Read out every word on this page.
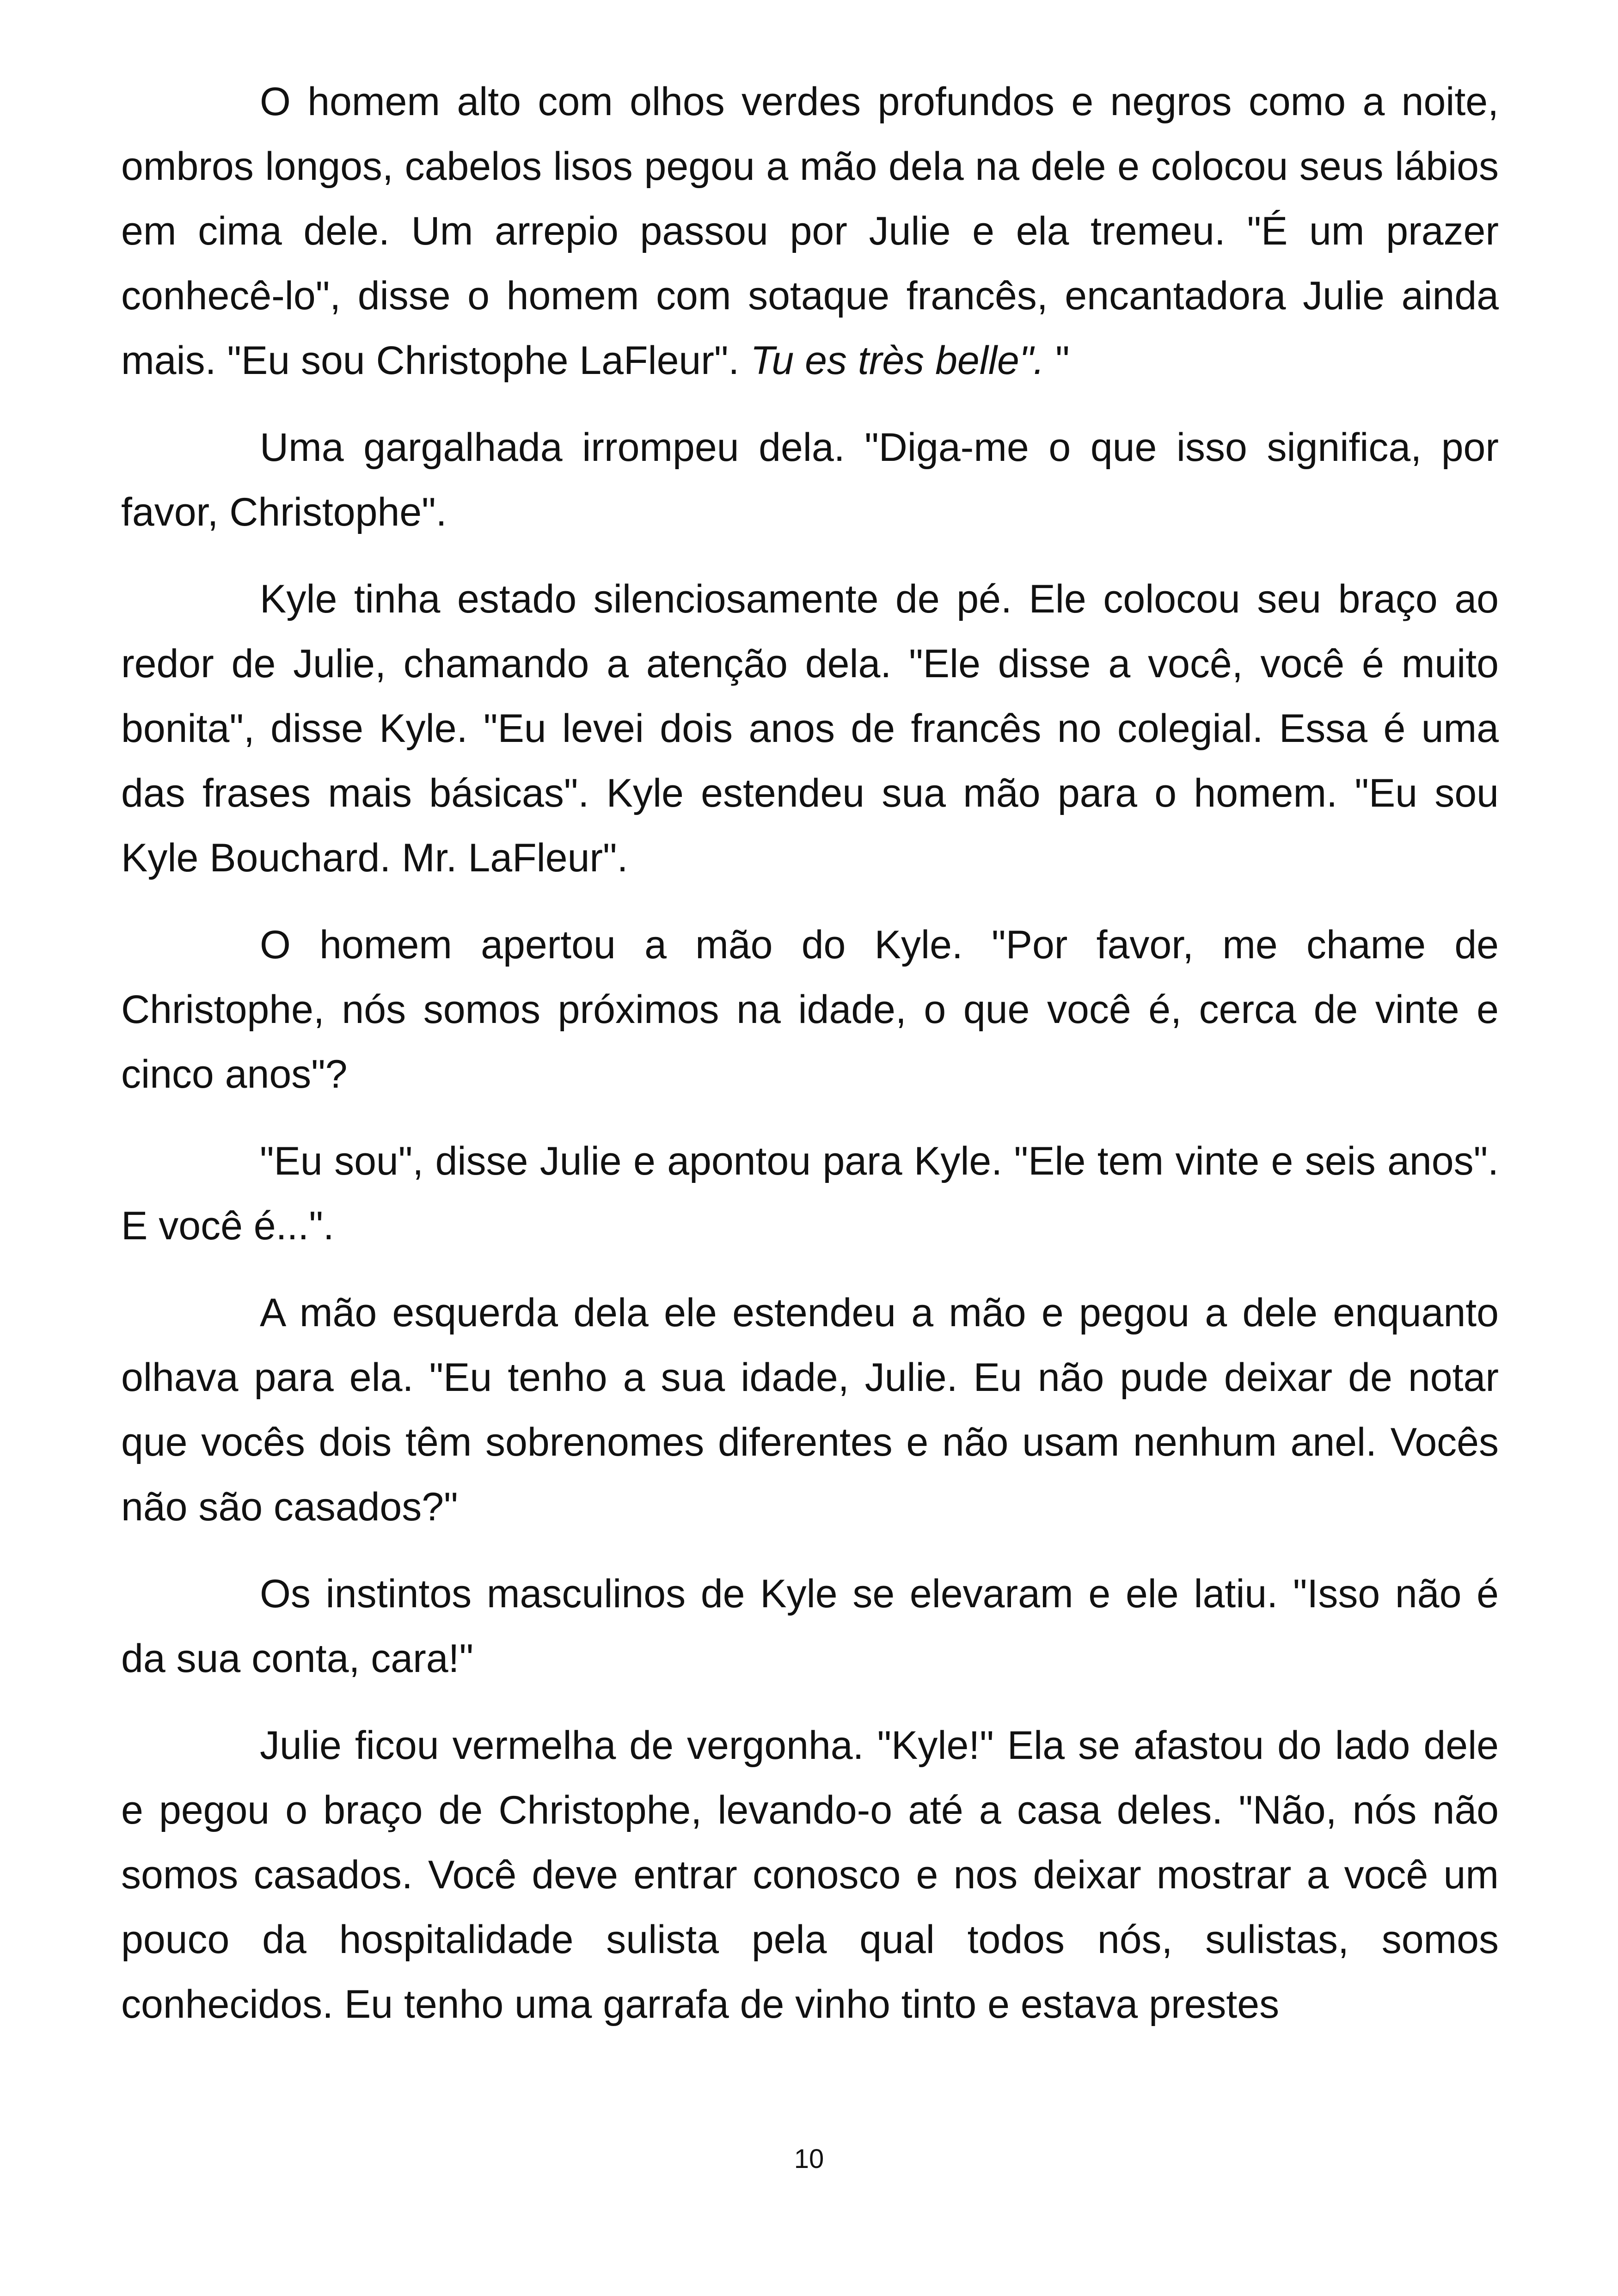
O homem alto com olhos verdes profundos e negros como a noite, ombros longos, cabelos lisos pegou a mão dela na dele e colocou seus lábios em cima dele. Um arrepio passou por Julie e ela tremeu. "É um prazer conhecê-lo", disse o homem com sotaque francês, encantadora Julie ainda mais. "Eu sou Christophe LaFleur". Tu es très belle". "

Uma gargalhada irrompeu dela. "Diga-me o que isso significa, por favor, Christophe".

Kyle tinha estado silenciosamente de pé. Ele colocou seu braço ao redor de Julie, chamando a atenção dela. "Ele disse a você, você é muito bonita", disse Kyle. "Eu levei dois anos de francês no colegial. Essa é uma das frases mais básicas". Kyle estendeu sua mão para o homem. "Eu sou Kyle Bouchard. Mr. LaFleur".

O homem apertou a mão do Kyle. "Por favor, me chame de Christophe, nós somos próximos na idade, o que você é, cerca de vinte e cinco anos"?

"Eu sou", disse Julie e apontou para Kyle. "Ele tem vinte e seis anos". E você é...".

A mão esquerda dela ele estendeu a mão e pegou a dele enquanto olhava para ela. "Eu tenho a sua idade, Julie. Eu não pude deixar de notar que vocês dois têm sobrenomes diferentes e não usam nenhum anel. Vocês não são casados?"

Os instintos masculinos de Kyle se elevaram e ele latiu. "Isso não é da sua conta, cara!"

Julie ficou vermelha de vergonha. "Kyle!" Ela se afastou do lado dele e pegou o braço de Christophe, levando-o até a casa deles. "Não, nós não somos casados. Você deve entrar conosco e nos deixar mostrar a você um pouco da hospitalidade sulista pela qual todos nós, sulistas, somos conhecidos. Eu tenho uma garrafa de vinho tinto e estava prestes

10
